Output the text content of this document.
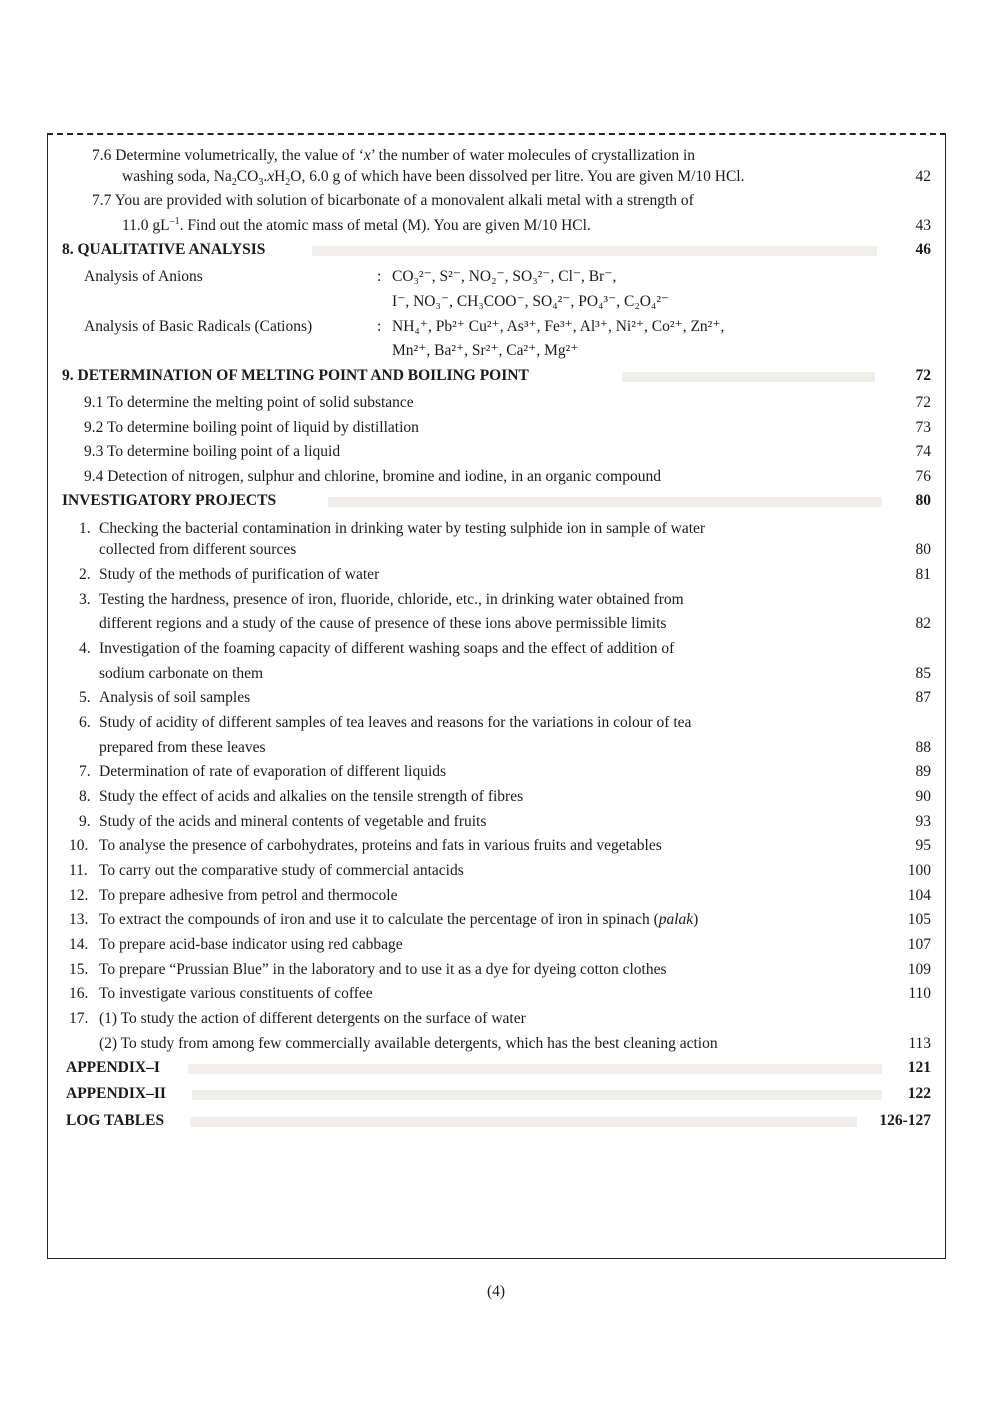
7.6 Determine volumetrically, the value of ‘x’ the number of water molecules of crystallization in
washing soda, $Na_2CO_3.xH_2O$, 6.0 g of which have been dissolved per litre. You are given M/10 HCl.	42
7.7 You are provided with solution of bicarbonate of a monovalent alkali metal with a strength of
11.0 $gL^{-1}$. Find out the atomic mass of metal (M). You are given M/10 HCl.	43
8. QUALITATIVE ANALYSIS	46
Analysis of Anions	: CO₃²⁻, S²⁻, NO₂⁻, SO₃²⁻, Cl⁻, Br⁻,
I⁻, NO₃⁻, CH₃COO⁻, SO₄²⁻, PO₄³⁻, C₂O₄²⁻
Analysis of Basic Radicals (Cations)	: NH₄⁺, Pb²⁺ Cu²⁺, As³⁺, Fe³⁺, Al³⁺, Ni²⁺, Co²⁺, Zn²⁺,
Mn²⁺, Ba²⁺, Sr²⁺, Ca²⁺, Mg²⁺
9. DETERMINATION OF MELTING POINT AND BOILING POINT	72
9.1 To determine the melting point of solid substance	72
9.2 To determine boiling point of liquid by distillation	73
9.3 To determine boiling point of a liquid	74
9.4 Detection of nitrogen, sulphur and chlorine, bromine and iodine, in an organic compound	76
INVESTIGATORY PROJECTS	80
1. Checking the bacterial contamination in drinking water by testing sulphide ion in sample of water
collected from different sources	80
2. Study of the methods of purification of water	81
3. Testing the hardness, presence of iron, fluoride, chloride, etc., in drinking water obtained from
different regions and a study of the cause of presence of these ions above permissible limits	82
4. Investigation of the foaming capacity of different washing soaps and the effect of addition of
sodium carbonate on them	85
5. Analysis of soil samples	87
6. Study of acidity of different samples of tea leaves and reasons for the variations in colour of tea
prepared from these leaves	88
7. Determination of rate of evaporation of different liquids	89
8. Study the effect of acids and alkalies on the tensile strength of fibres	90
9. Study of the acids and mineral contents of vegetable and fruits	93
10. To analyse the presence of carbohydrates, proteins and fats in various fruits and vegetables	95
11. To carry out the comparative study of commercial antacids	100
12. To prepare adhesive from petrol and thermocole	104
13. To extract the compounds of iron and use it to calculate the percentage of iron in spinach (palak)	105
14. To prepare acid-base indicator using red cabbage	107
15. To prepare “Prussian Blue” in the laboratory and to use it as a dye for dyeing cotton clothes	109
16. To investigate various constituents of coffee	110
17. (1) To study the action of different detergents on the surface of water
(2) To study from among few commercially available detergents, which has the best cleaning action	113
APPENDIX–I	121
APPENDIX–II	122
LOG TABLES	126-127
(4)
